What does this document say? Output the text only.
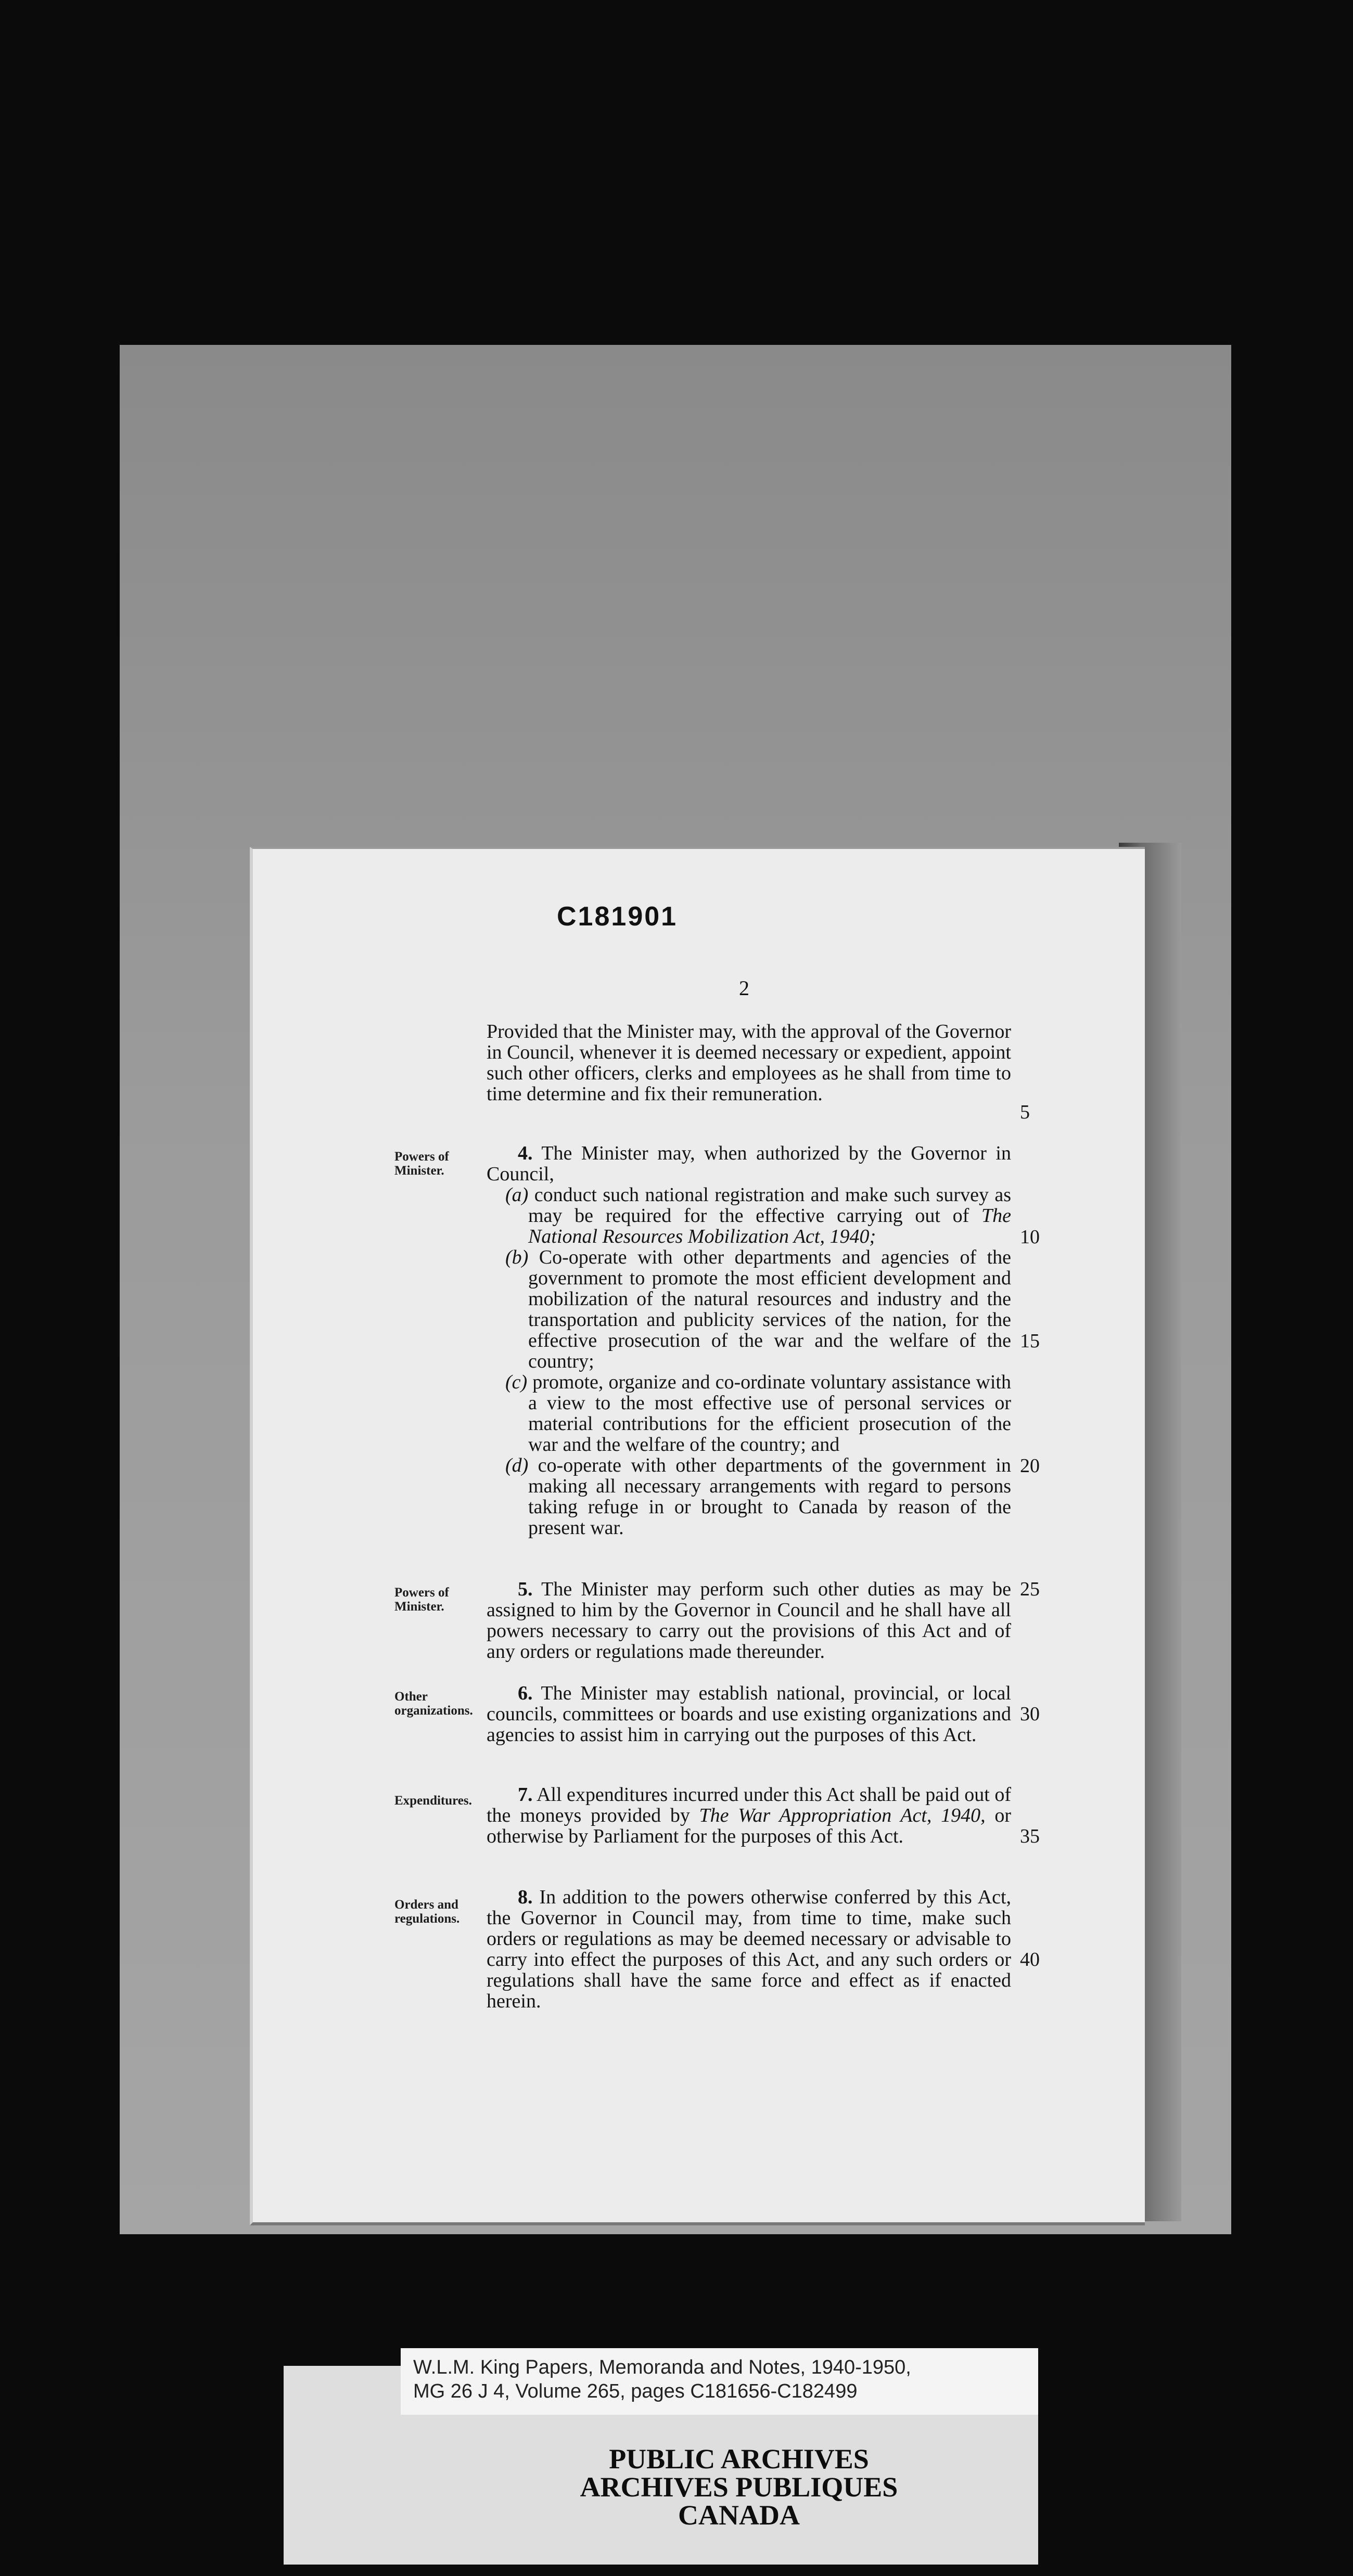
C181901
2

Provided that the Minister may, with the approval of the Governor in Council, whenever it is deemed necessary or expedient, appoint such other officers, clerks and employees as he shall from time to time determine and fix their remuneration.

Powers of Minister.

4. The Minister may, when authorized by the Governor in Council,

(a) conduct such national registration and make such survey as may be required for the effective carrying out of The National Resources Mobilization Act, 1940;

(b) Co-operate with other departments and agencies of the government to promote the most efficient development and mobilization of the natural resources and industry and the transportation and publicity services of the nation, for the effective prosecution of the war and the welfare of the country;

(c) promote, organize and co-ordinate voluntary assistance with a view to the most effective use of personal services or material contributions for the efficient prosecution of the war and the welfare of the country; and

(d) co-operate with other departments of the government in making all necessary arrangements with regard to persons taking refuge in or brought to Canada by reason of the present war.

Powers of Minister.

5. The Minister may perform such other duties as may be assigned to him by the Governor in Council and he shall have all powers necessary to carry out the provisions of this Act and of any orders or regulations made thereunder.

Other organizations.

6. The Minister may establish national, provincial, or local councils, committees or boards and use existing organizations and agencies to assist him in carrying out the purposes of this Act.

Expenditures.	7. All expenditures incurred under this Act shall be paid out of the moneys provided by The War Appropriation Act, 1940, or otherwise by Parliament for the purposes of this Act.

Orders and regulations.

8. In addition to the powers otherwise conferred by this Act, the Governor in Council may, from time to time, make such orders or regulations as may be deemed necessary or advisable to carry into effect the purposes of this Act, and any such orders or regulations shall have the same force and effect as if enacted herein.

5
10
15
20
25
30
35
40
W.L.M. King Papers, Memoranda and Notes, 1940-1950,
MG 26 J 4, Volume 265, pages C181656-C182499
PUBLIC ARCHIVES
ARCHIVES PUBLIQUES
CANADA
